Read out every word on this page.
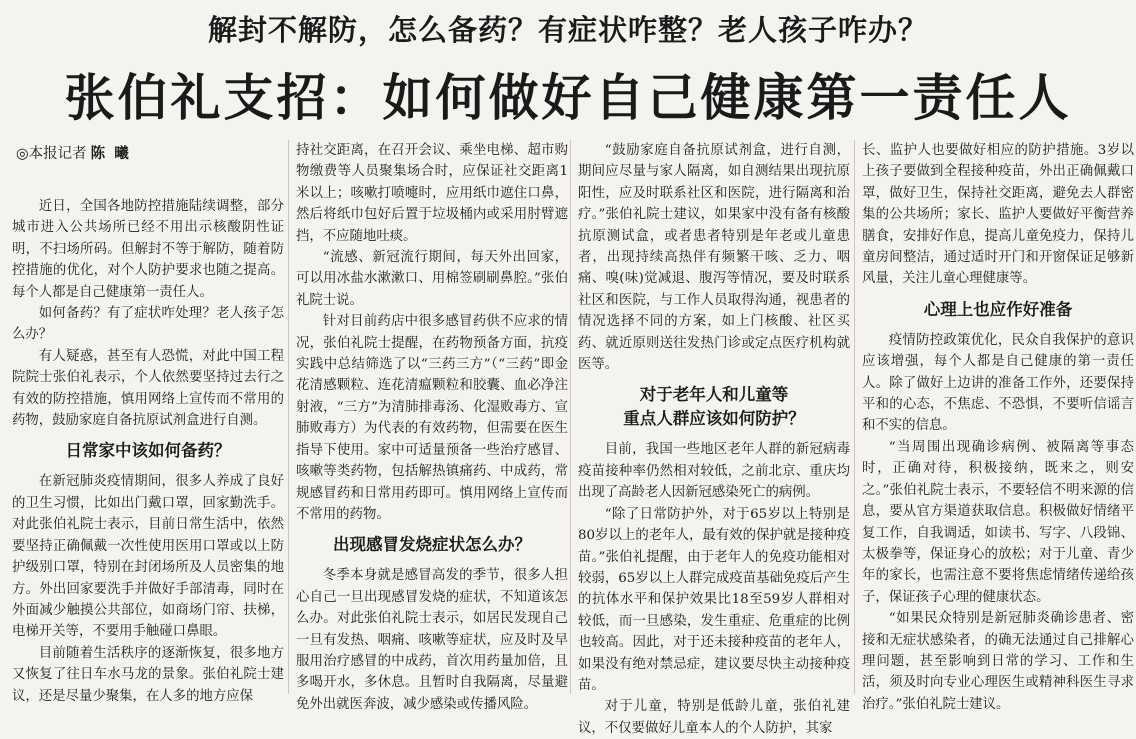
解封不解防，怎么备药？有症状咋整？老人孩子咋办？
张伯礼支招：如何做好自己健康第一责任人
◎本报记者 陈 曦

近日，全国各地防控措施陆续调整，部分城市进入公共场所已经不用出示核酸阴性证明，不扫场所码。但解封不等于解防，随着防控措施的优化，对个人防护要求也随之提高。每个人都是自己健康第一责任人。

如何备药？有了症状咋处理？老人孩子怎么办？

有人疑惑，甚至有人恐慌，对此中国工程院院士张伯礼表示，个人依然要坚持过去行之有效的防控措施，慎用网络上宣传而不常用的药物，鼓励家庭自备抗原试剂盒进行自测。

日常家中该如何备药？

在新冠肺炎疫情期间，很多人养成了良好的卫生习惯，比如出门戴口罩，回家勤洗手。对此张伯礼院士表示，目前日常生活中，依然要坚持正确佩戴一次性使用医用口罩或以上防护级别口罩，特别在封闭场所及人员密集的地方。外出回家要洗手并做好手部清毒，同时在外面减少触摸公共部位，如商场门帘、扶梯，电梯开关等，不要用手触碰口鼻眼。

目前随着生活秩序的逐渐恢复，很多地方又恢复了往日车水马龙的景象。张伯礼院士建议，还是尽量少聚集，在人多的地方应保

持社交距离，在召开会议、乘坐电梯、超市购物缴费等人员聚集场合时，应保证社交距离1米以上；咳嗽打喷嚏时，应用纸巾遮住口鼻，然后将纸巾包好后置于垃圾桶内或采用肘臂遮挡，不应随地吐痰。

“流感、新冠流行期间，每天外出回家，可以用冰盐水漱漱口、用棉签刷刷鼻腔。”张伯礼院士说。

针对目前药店中很多感冒药供不应求的情况，张伯礼院士提醒，在药物预备方面，抗疫实践中总结筛选了以“三药三方”（“三药”即金花清感颗粒、连花清瘟颗粒和胶囊、血必净注射液，“三方”为清肺排毒汤、化湿败毒方、宣肺败毒方）为代表的有效药物，但需要在医生指导下使用。家中可适量预备一些治疗感冒、咳嗽等类药物，包括解热镇痛药、中成药，常规感冒药和日常用药即可。慎用网络上宣传而不常用的药物。

出现感冒发烧症状怎么办？

冬季本身就是感冒高发的季节，很多人担心自己一旦出现感冒发烧的症状，不知道该怎么办。对此张伯礼院士表示，如居民发现自己一旦有发热、咽痛、咳嗽等症状，应及时及早服用治疗感冒的中成药，首次用药量加倍，且多喝开水，多休息。且暂时自我隔离，尽量避免外出就医奔波，减少感染或传播风险。

“鼓励家庭自备抗原试剂盒，进行自测，期间应尽量与家人隔离，如自测结果出现抗原阳性，应及时联系社区和医院，进行隔离和治疗。”张伯礼院士建议，如果家中没有备有核酸抗原测试盒，或者患者特别是年老或儿童患者，出现持续高热伴有频繁干咳、乏力、咽痛、嗅(味)觉减退、腹泻等情况，要及时联系社区和医院，与工作人员取得沟通，视患者的情况选择不同的方案，如上门核酸、社区买药、就近原则送往发热门诊或定点医疗机构就医等。

对于老年人和儿童等
重点人群应该如何防护？

目前，我国一些地区老年人群的新冠病毒疫苗接种率仍然相对较低，之前北京、重庆均出现了高龄老人因新冠感染死亡的病例。

“除了日常防护外，对于65岁以上特别是80岁以上的老年人，最有效的保护就是接种疫苗。”张伯礼提醒，由于老年人的免疫功能相对较弱，65岁以上人群完成疫苗基础免疫后产生的抗体水平和保护效果比18至59岁人群相对较低，而一旦感染，发生重症、危重症的比例也较高。因此，对于还未接种疫苗的老年人，如果没有绝对禁忌症，建议要尽快主动接种疫苗。

对于儿童，特别是低龄儿童，张伯礼建议，不仅要做好儿童本人的个人防护，其家

长、监护人也要做好相应的防护措施。3岁以上孩子要做到全程接种疫苗，外出正确佩戴口罩，做好卫生，保持社交距离，避免去人群密集的公共场所；家长、监护人要做好平衡营养膳食，安排好作息，提高儿童免疫力，保持儿童房间整洁，通过适时开门和开窗保证足够新风量，关注儿童心理健康等。

心理上也应作好准备

疫情防控政策优化，民众自我保护的意识应该增强，每个人都是自己健康的第一责任人。除了做好上边讲的准备工作外，还要保持平和的心态，不焦虑、不恐惧，不要听信谣言和不实的信息。

“当周围出现确诊病例、被隔离等事态时，正确对待，积极接纳，既来之，则安之。”张伯礼院士表示，不要轻信不明来源的信息，要从官方渠道获取信息。积极做好情绪平复工作，自我调适，如读书、写字、八段锦、太极拳等，保证身心的放松；对于儿童、青少年的家长，也需注意不要将焦虑情绪传递给孩子，保证孩子心理的健康状态。

“如果民众特别是新冠肺炎确诊患者、密接和无症状感染者，的确无法通过自己排解心理问题，甚至影响到日常的学习、工作和生活，须及时向专业心理医生或精神科医生寻求治疗。”张伯礼院士建议。
